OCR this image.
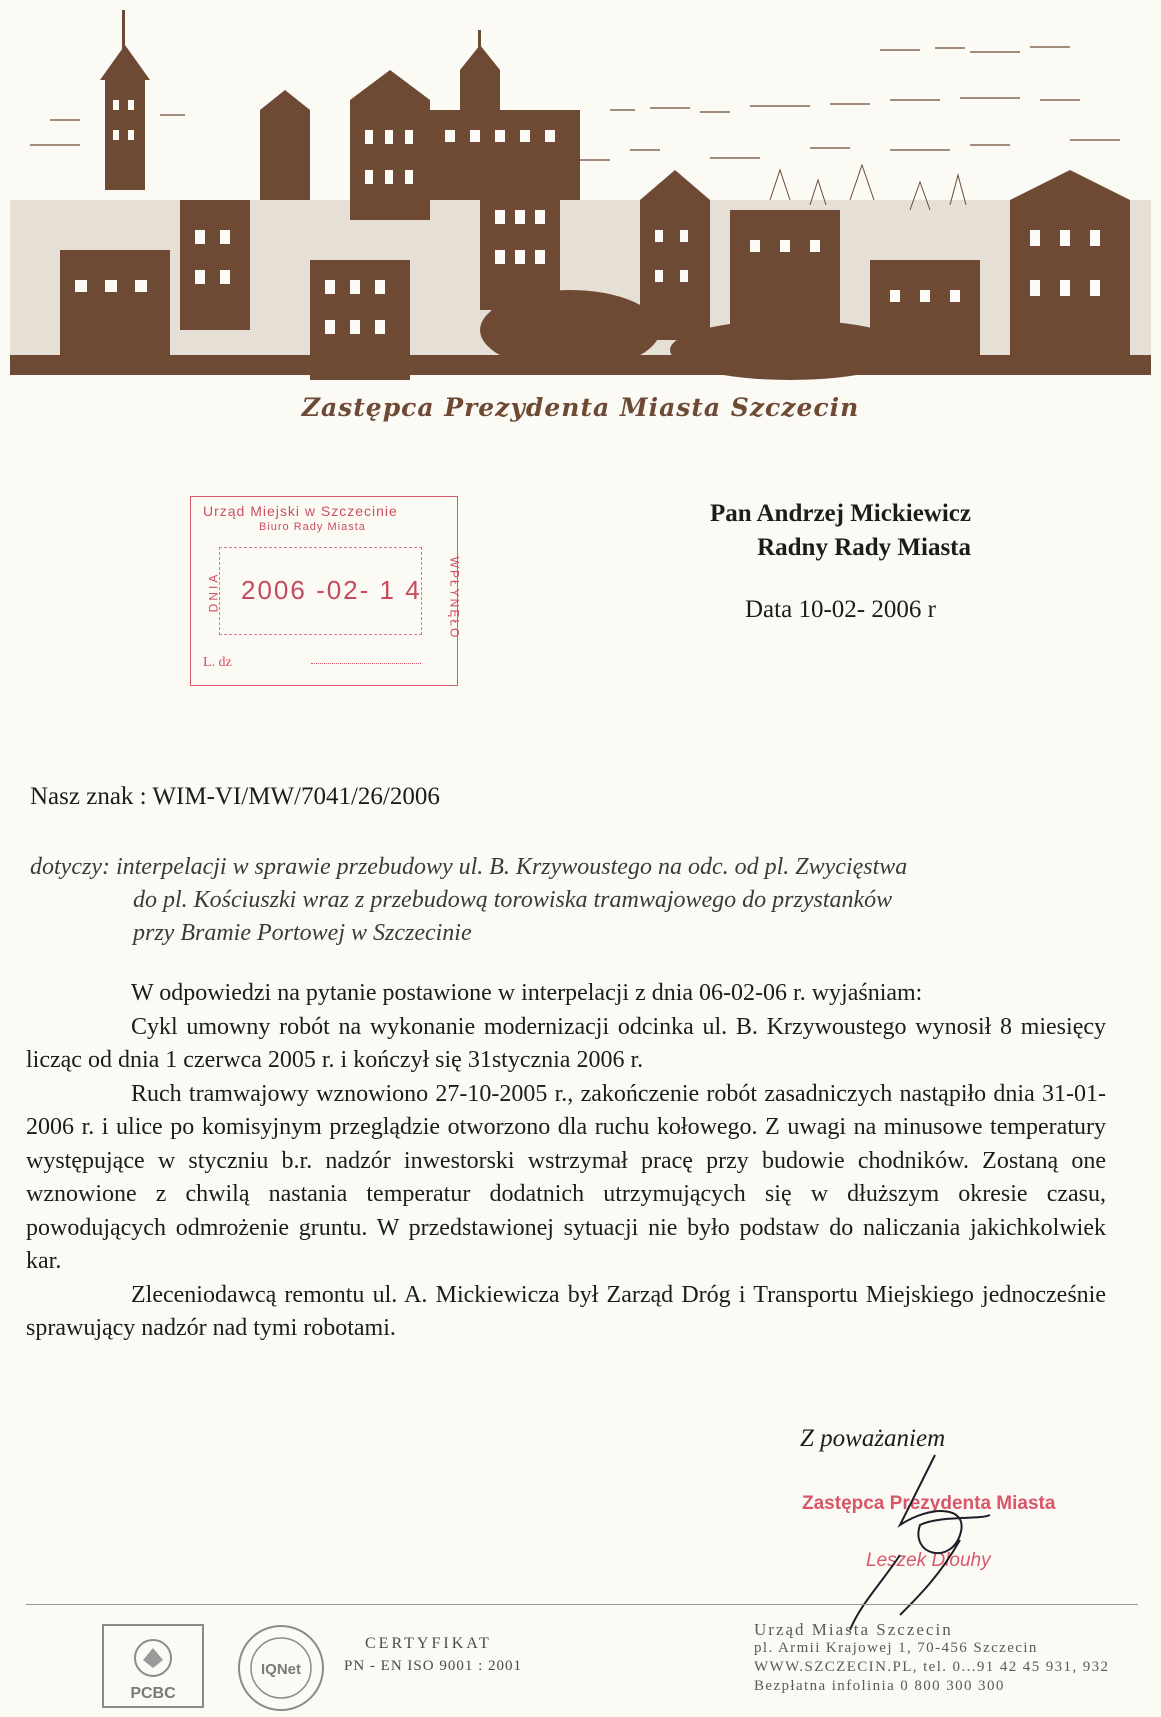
Zastępca Prezydenta Miasta Szczecin
Urząd Miejski w Szczecinie
Biuro Rady Miasta
2006 -02- 1 4
DNIA	WPŁYNĘŁO
L. dz
Pan Andrzej Mickiewicz
Radny Rady Miasta
Data 10-02- 2006 r
Nasz znak : WIM-VI/MW/7041/26/2006
dotyczy: interpelacji w sprawie przebudowy ul. B. Krzywoustego na odc. od pl. Zwycięstwa
do pl. Kościuszki wraz z przebudową torowiska tramwajowego do przystanków
przy Bramie Portowej w Szczecinie

W odpowiedzi na pytanie postawione w interpelacji z dnia 06-02-06 r. wyjaśniam:

Cykl umowny robót na wykonanie modernizacji odcinka ul. B. Krzywoustego wynosił 8 miesięcy licząc od dnia 1 czerwca 2005 r. i kończył się 31stycznia 2006 r.

Ruch tramwajowy wznowiono 27-10-2005 r., zakończenie robót zasadniczych nastąpiło dnia 31-01-2006 r. i ulice po komisyjnym przeglądzie otworzono dla ruchu kołowego. Z uwagi na minusowe temperatury występujące w styczniu b.r. nadzór inwestorski wstrzymał pracę przy budowie chodników. Zostaną one wznowione z chwilą nastania temperatur dodatnich utrzymujących się w dłuższym okresie czasu, powodujących odmrożenie gruntu. W przedstawionej sytuacji nie było podstaw do naliczania jakichkolwiek kar.

Zleceniodawcą remontu ul. A. Mickiewicza był Zarząd Dróg i Transportu Miejskiego jednocześnie sprawujący nadzór nad tymi robotami.

Z poważaniem
Zastępca Prezydenta Miasta
Leszek Dlouhy
PCBC
IQNet
CERTYFIKAT
PN - EN ISO 9001 : 2001
Urząd Miasta Szczecin
pl. Armii Krajowej 1, 70-456 Szczecin
WWW.SZCZECIN.PL, tel. 0...91 42 45 931, 932
Bezpłatna infolinia 0 800 300 300
